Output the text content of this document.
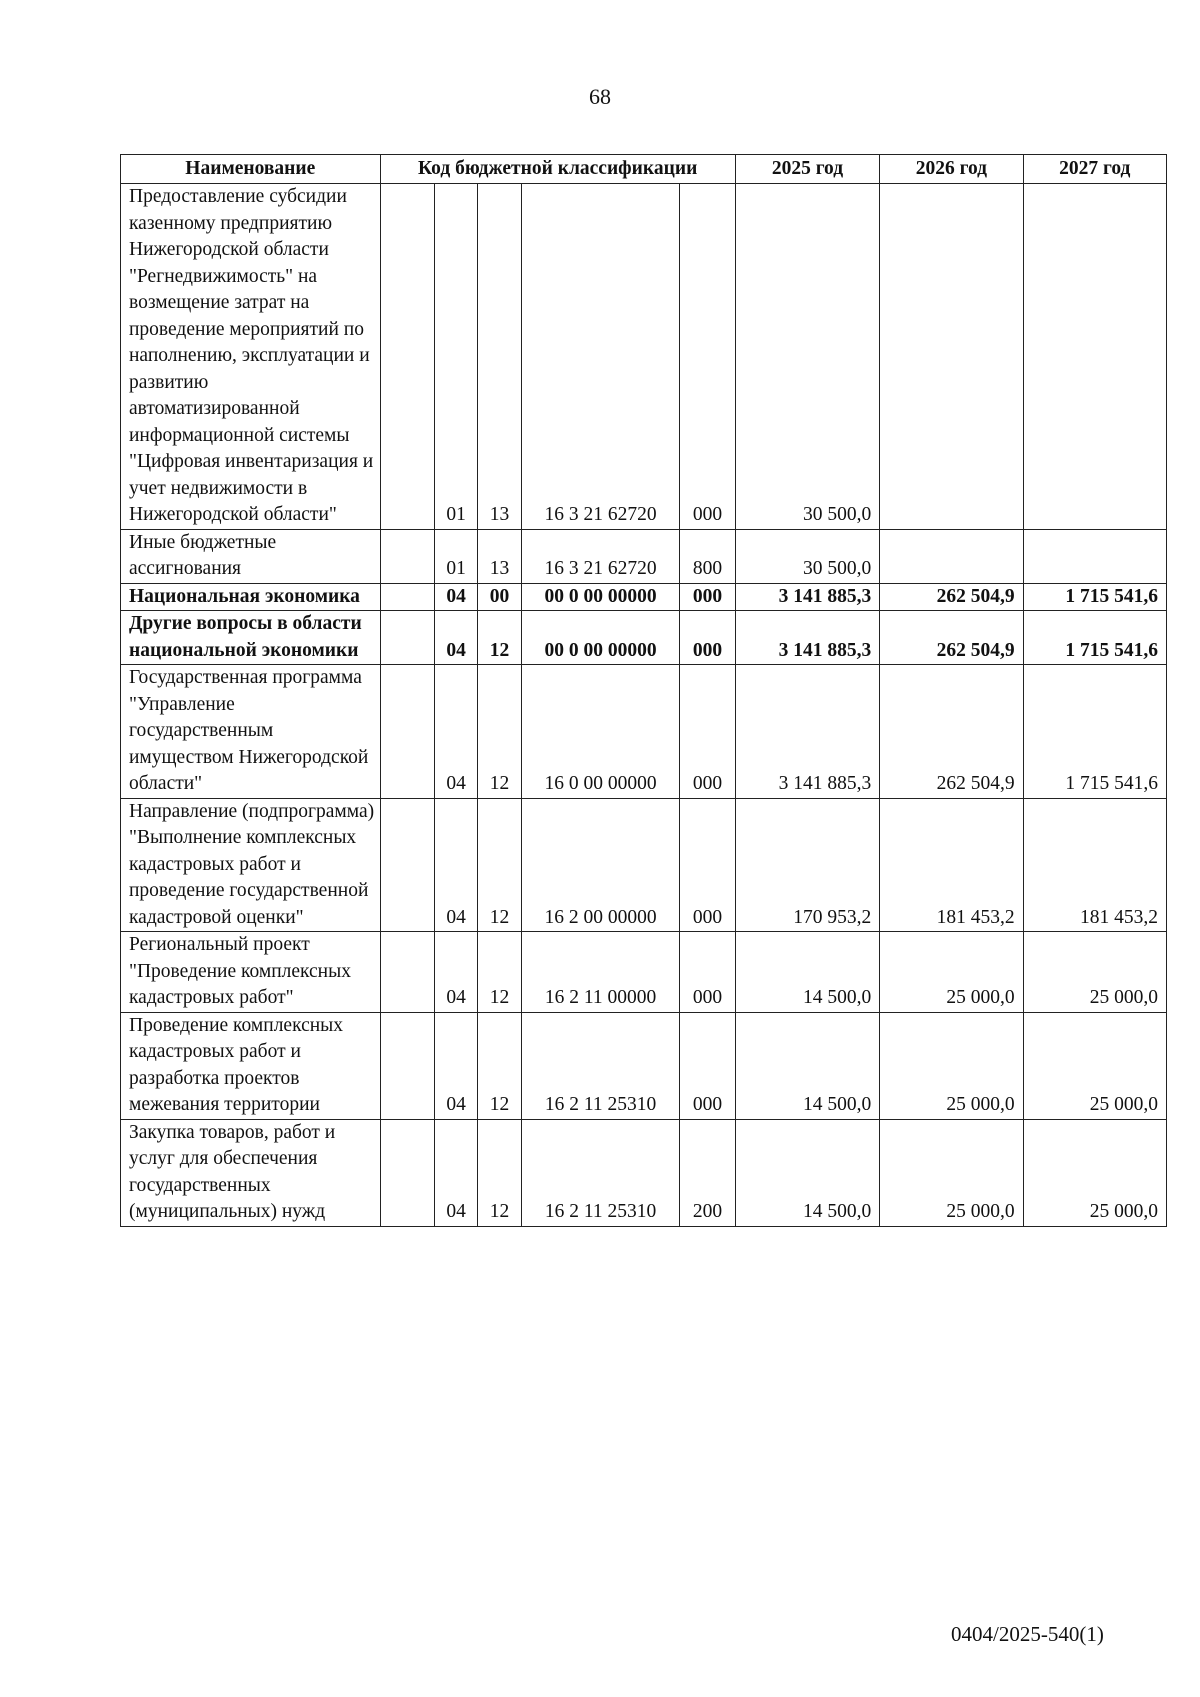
68
Наименование	Код бюджетной классификации					2025 год	2026 год	2027 год
Предоставление субсидии казенному предприятию Нижегородской области "Регнедвижимость" на возмещение затрат на проведение мероприятий по наполнению, эксплуатации и развитию автоматизированной информационной системы "Цифровая инвентаризация и учет недвижимости в Нижегородской области"		01	13	16 3 21 62720	000	30 500,0		
Иные бюджетные ассигнования		01	13	16 3 21 62720	800	30 500,0		
Национальная экономика		04	00	00 0 00 00000	000	3 141 885,3	262 504,9	1 715 541,6
Другие вопросы в области национальной экономики		04	12	00 0 00 00000	000	3 141 885,3	262 504,9	1 715 541,6
Государственная программа "Управление государственным имуществом Нижегородской области"		04	12	16 0 00 00000	000	3 141 885,3	262 504,9	1 715 541,6
Направление (подпрограмма) "Выполнение комплексных кадастровых работ и проведение государственной кадастровой оценки"		04	12	16 2 00 00000	000	170 953,2	181 453,2	181 453,2
Региональный проект "Проведение комплексных кадастровых работ"		04	12	16 2 11 00000	000	14 500,0	25 000,0	25 000,0
Проведение комплексных кадастровых работ и разработка проектов межевания территории		04	12	16 2 11 25310	000	14 500,0	25 000,0	25 000,0
Закупка товаров, работ и услуг для обеспечения государственных (муниципальных) нужд		04	12	16 2 11 25310	200	14 500,0	25 000,0	25 000,0
0404/2025-540(1)
